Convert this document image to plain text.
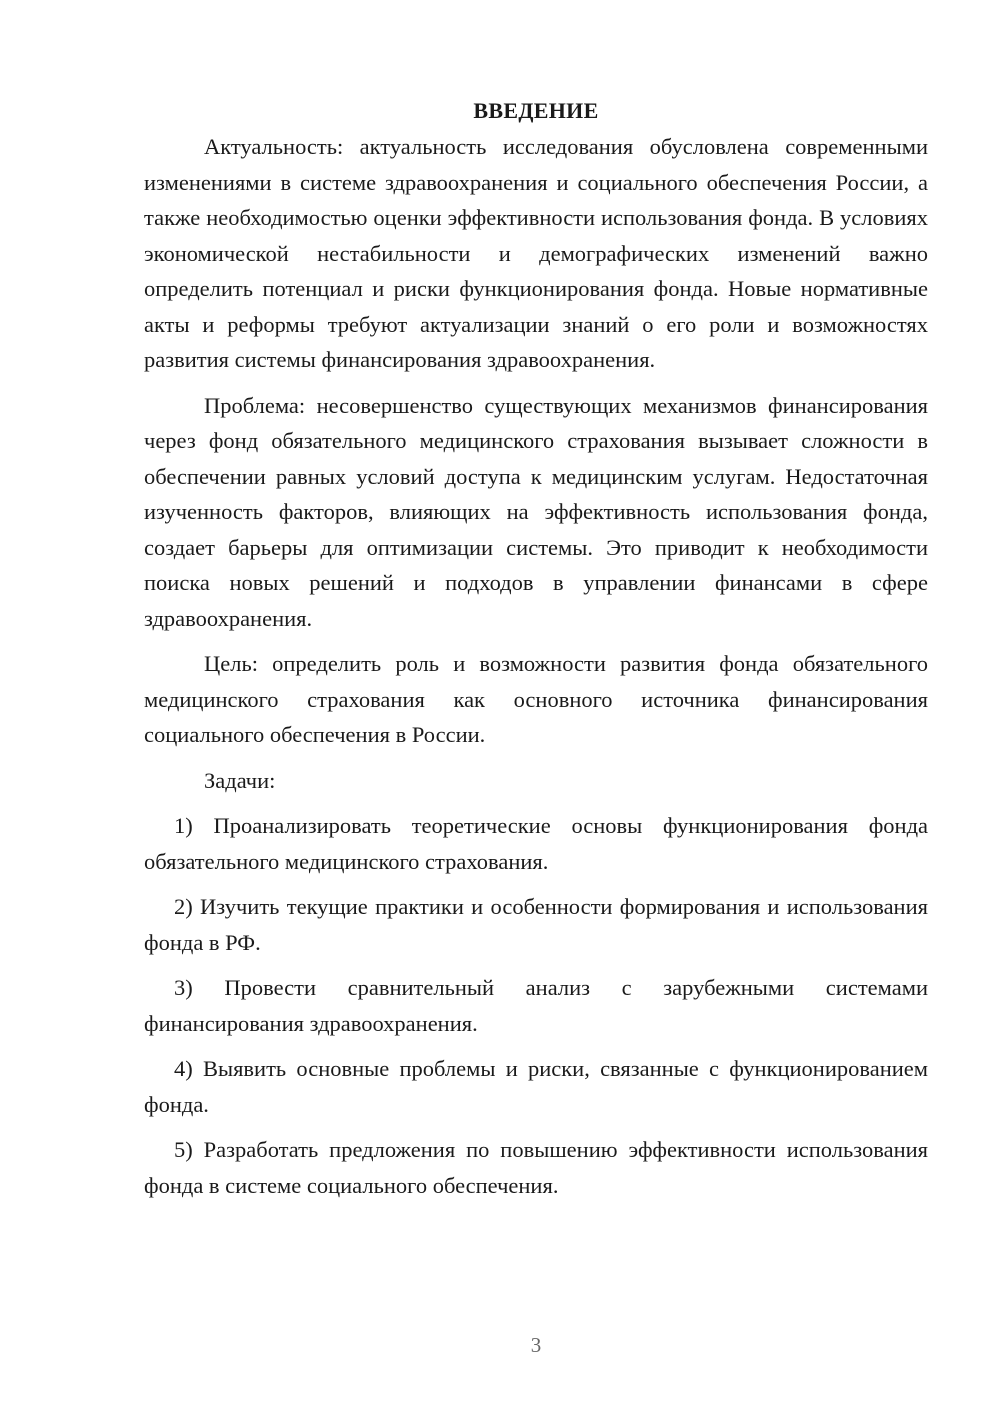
ВВЕДЕНИЕ

Актуальность: актуальность исследования обусловлена современными изменениями в системе здравоохранения и социального обеспечения России, а также необходимостью оценки эффективности использования фонда. В условиях экономической нестабильности и демографических изменений важно определить потенциал и риски функционирования фонда. Новые нормативные акты и реформы требуют актуализации знаний о его роли и возможностях развития системы финансирования здравоохранения.

Проблема: несовершенство существующих механизмов финансирования через фонд обязательного медицинского страхования вызывает сложности в обеспечении равных условий доступа к медицинским услугам. Недостаточная изученность факторов, влияющих на эффективность использования фонда, создает барьеры для оптимизации системы. Это приводит к необходимости поиска новых решений и подходов в управлении финансами в сфере здравоохранения.

Цель: определить роль и возможности развития фонда обязательного медицинского страхования как основного источника финансирования социального обеспечения в России.

Задачи:

1) Проанализировать теоретические основы функционирования фонда обязательного медицинского страхования.

2) Изучить текущие практики и особенности формирования и использования фонда в РФ.

3) Провести сравнительный анализ с зарубежными системами финансирования здравоохранения.

4) Выявить основные проблемы и риски, связанные с функционированием фонда.

5) Разработать предложения по повышению эффективности использования фонда в системе социального обеспечения.

3
